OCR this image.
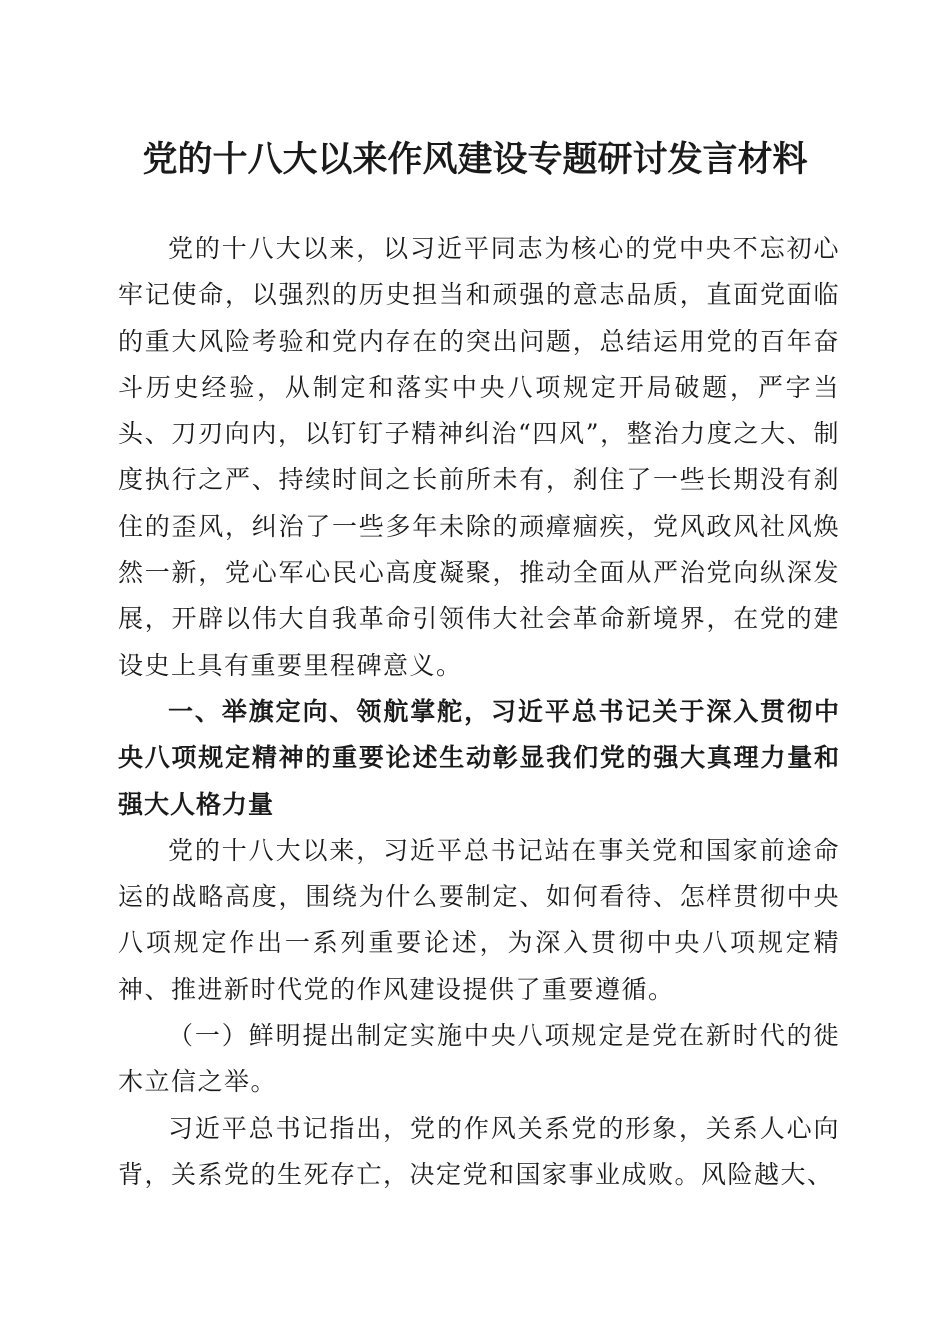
党的十八大以来作风建设专题研讨发言材料

党的十八大以来，以习近平同志为核心的党中央不忘初心牢记使命，以强烈的历史担当和顽强的意志品质，直面党面临的重大风险考验和党内存在的突出问题，总结运用党的百年奋斗历史经验，从制定和落实中央八项规定开局破题，严字当头、刀刃向内，以钉钉子精神纠治“四风”，整治力度之大、制度执行之严、持续时间之长前所未有，刹住了一些长期没有刹住的歪风，纠治了一些多年未除的顽瘴痼疾，党风政风社风焕然一新，党心军心民心高度凝聚，推动全面从严治党向纵深发展，开辟以伟大自我革命引领伟大社会革命新境界，在党的建设史上具有重要里程碑意义。

一、举旗定向、领航掌舵，习近平总书记关于深入贯彻中央八项规定精神的重要论述生动彰显我们党的强大真理力量和强大人格力量

党的十八大以来，习近平总书记站在事关党和国家前途命运的战略高度，围绕为什么要制定、如何看待、怎样贯彻中央八项规定作出一系列重要论述，为深入贯彻中央八项规定精神、推进新时代党的作风建设提供了重要遵循。

（一）鲜明提出制定实施中央八项规定是党在新时代的徙木立信之举。

习近平总书记指出，党的作风关系党的形象，关系人心向背，关系党的生死存亡，决定党和国家事业成败。风险越大、
